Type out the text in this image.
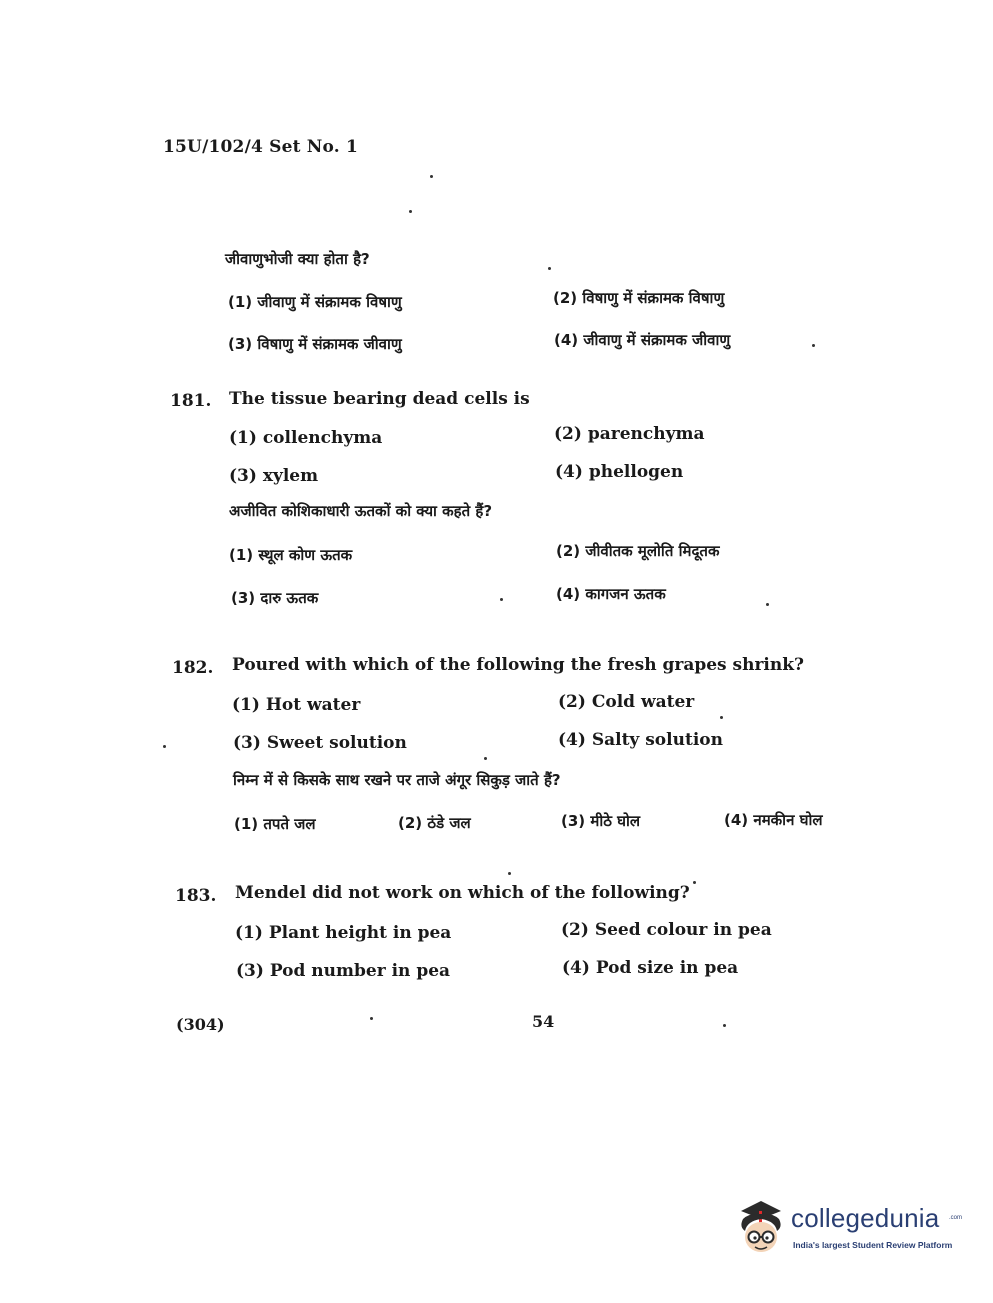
15U/102/4 Set No. 1
जीवाणुभोजी क्या होता है?
(1) जीवाणु में संक्रामक विषाणु	(2) विषाणु में संक्रामक विषाणु
(3) विषाणु में संक्रामक जीवाणु	(4) जीवाणु में संक्रामक जीवाणु
181. The tissue bearing dead cells is
(1) collenchyma	(2) parenchyma
(3) xylem	(4) phellogen
अजीवित कोशिकाधारी ऊतकों को क्या कहते हैं?
(1) स्थूल कोण ऊतक	(2) जीवीतक मूलोति मिदूतक
(3) दारु ऊतक	(4) कागजन ऊतक
182. Poured with which of the following the fresh grapes shrink?
(1) Hot water	(2) Cold water
(3) Sweet solution	(4) Salty solution
निम्न में से किसके साथ रखने पर ताजे अंगूर सिकुड़ जाते हैं?
(1) तपते जल	(2) ठंडे जल	(3) मीठे घोल	(4) नमकीन घोल
183. Mendel did not work on which of the following?
(1) Plant height in pea	(2) Seed colour in pea
(3) Pod number in pea	(4) Pod size in pea
(304)	54
collegedunia .com
India's largest Student Review Platform
